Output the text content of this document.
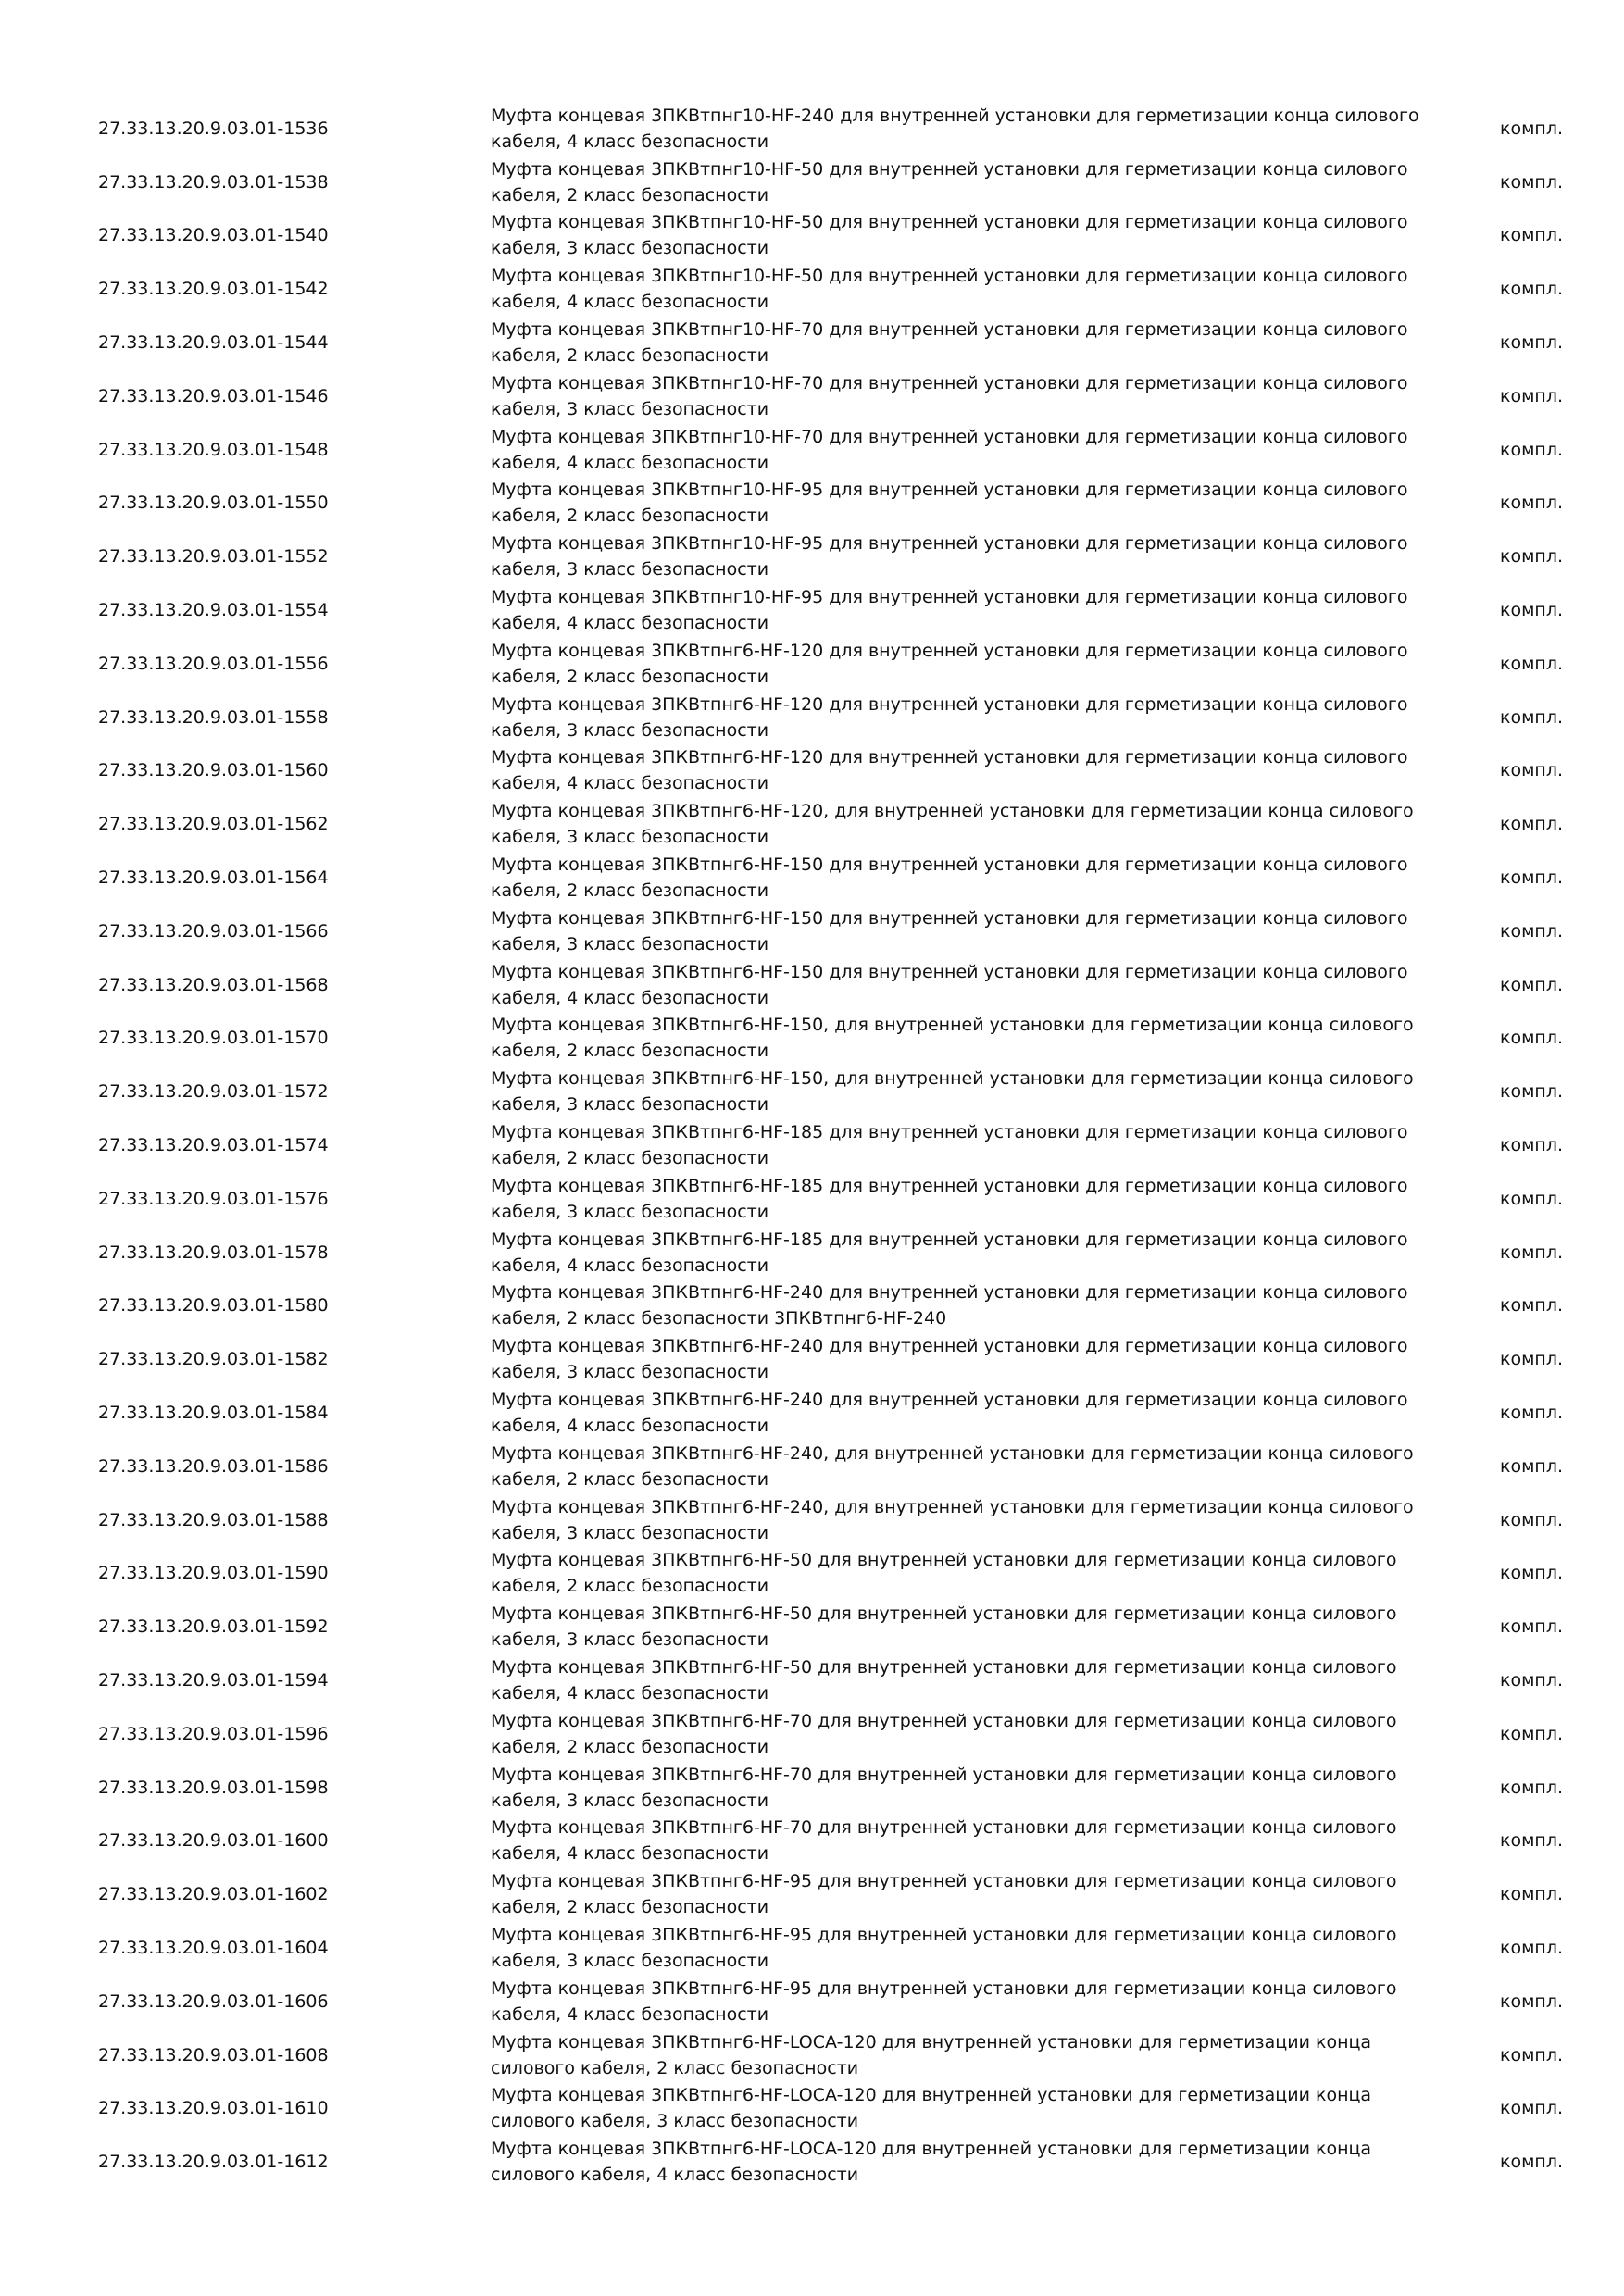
27.33.13.20.9.03.01-1536
Муфта концевая 3ПКВтпнг10-HF-240 для внутренней установки для герметизации конца силового кабеля, 4 класс безопасности
компл.
27.33.13.20.9.03.01-1538
Муфта концевая 3ПКВтпнг10-HF-50 для внутренней установки для герметизации конца силового кабеля, 2 класс безопасности
компл.
27.33.13.20.9.03.01-1540
Муфта концевая 3ПКВтпнг10-HF-50 для внутренней установки для герметизации конца силового кабеля, 3 класс безопасности
компл.
27.33.13.20.9.03.01-1542
Муфта концевая 3ПКВтпнг10-HF-50 для внутренней установки для герметизации конца силового кабеля, 4 класс безопасности
компл.
27.33.13.20.9.03.01-1544
Муфта концевая 3ПКВтпнг10-HF-70 для внутренней установки для герметизации конца силового кабеля, 2 класс безопасности
компл.
27.33.13.20.9.03.01-1546
Муфта концевая 3ПКВтпнг10-HF-70 для внутренней установки для герметизации конца силового кабеля, 3 класс безопасности
компл.
27.33.13.20.9.03.01-1548
Муфта концевая 3ПКВтпнг10-HF-70 для внутренней установки для герметизации конца силового кабеля, 4 класс безопасности
компл.
27.33.13.20.9.03.01-1550
Муфта концевая 3ПКВтпнг10-HF-95 для внутренней установки для герметизации конца силового кабеля, 2 класс безопасности
компл.
27.33.13.20.9.03.01-1552
Муфта концевая 3ПКВтпнг10-HF-95 для внутренней установки для герметизации конца силового кабеля, 3 класс безопасности
компл.
27.33.13.20.9.03.01-1554
Муфта концевая 3ПКВтпнг10-HF-95 для внутренней установки для герметизации конца силового кабеля, 4 класс безопасности
компл.
27.33.13.20.9.03.01-1556
Муфта концевая 3ПКВтпнг6-HF-120 для внутренней установки для герметизации конца силового кабеля, 2 класс безопасности
компл.
27.33.13.20.9.03.01-1558
Муфта концевая 3ПКВтпнг6-HF-120 для внутренней установки для герметизации конца силового кабеля, 3 класс безопасности
компл.
27.33.13.20.9.03.01-1560
Муфта концевая 3ПКВтпнг6-HF-120 для внутренней установки для герметизации конца силового кабеля, 4 класс безопасности
компл.
27.33.13.20.9.03.01-1562
Муфта концевая 3ПКВтпнг6-HF-120, для внутренней установки для герметизации конца силового кабеля, 3 класс безопасности
компл.
27.33.13.20.9.03.01-1564
Муфта концевая 3ПКВтпнг6-HF-150 для внутренней установки для герметизации конца силового кабеля, 2 класс безопасности
компл.
27.33.13.20.9.03.01-1566
Муфта концевая 3ПКВтпнг6-HF-150 для внутренней установки для герметизации конца силового кабеля, 3 класс безопасности
компл.
27.33.13.20.9.03.01-1568
Муфта концевая 3ПКВтпнг6-HF-150 для внутренней установки для герметизации конца силового кабеля, 4 класс безопасности
компл.
27.33.13.20.9.03.01-1570
Муфта концевая 3ПКВтпнг6-HF-150, для внутренней установки для герметизации конца силового кабеля, 2 класс безопасности
компл.
27.33.13.20.9.03.01-1572
Муфта концевая 3ПКВтпнг6-HF-150, для внутренней установки для герметизации конца силового кабеля, 3 класс безопасности
компл.
27.33.13.20.9.03.01-1574
Муфта концевая 3ПКВтпнг6-HF-185 для внутренней установки для герметизации конца силового кабеля, 2 класс безопасности
компл.
27.33.13.20.9.03.01-1576
Муфта концевая 3ПКВтпнг6-HF-185 для внутренней установки для герметизации конца силового кабеля, 3 класс безопасности
компл.
27.33.13.20.9.03.01-1578
Муфта концевая 3ПКВтпнг6-HF-185 для внутренней установки для герметизации конца силового кабеля, 4 класс безопасности
компл.
27.33.13.20.9.03.01-1580
Муфта концевая 3ПКВтпнг6-HF-240 для внутренней установки для герметизации конца силового кабеля, 2 класс безопасности 3ПКВтпнг6-HF-240
компл.
27.33.13.20.9.03.01-1582
Муфта концевая 3ПКВтпнг6-HF-240 для внутренней установки для герметизации конца силового кабеля, 3 класс безопасности
компл.
27.33.13.20.9.03.01-1584
Муфта концевая 3ПКВтпнг6-HF-240 для внутренней установки для герметизации конца силового кабеля, 4 класс безопасности
компл.
27.33.13.20.9.03.01-1586
Муфта концевая 3ПКВтпнг6-HF-240, для внутренней установки для герметизации конца силового кабеля, 2 класс безопасности
компл.
27.33.13.20.9.03.01-1588
Муфта концевая 3ПКВтпнг6-HF-240, для внутренней установки для герметизации конца силового кабеля, 3 класс безопасности
компл.
27.33.13.20.9.03.01-1590
Муфта концевая 3ПКВтпнг6-HF-50 для внутренней установки для герметизации конца силового кабеля, 2 класс безопасности
компл.
27.33.13.20.9.03.01-1592
Муфта концевая 3ПКВтпнг6-HF-50 для внутренней установки для герметизации конца силового кабеля, 3 класс безопасности
компл.
27.33.13.20.9.03.01-1594
Муфта концевая 3ПКВтпнг6-HF-50 для внутренней установки для герметизации конца силового кабеля, 4 класс безопасности
компл.
27.33.13.20.9.03.01-1596
Муфта концевая 3ПКВтпнг6-HF-70 для внутренней установки для герметизации конца силового кабеля, 2 класс безопасности
компл.
27.33.13.20.9.03.01-1598
Муфта концевая 3ПКВтпнг6-HF-70 для внутренней установки для герметизации конца силового кабеля, 3 класс безопасности
компл.
27.33.13.20.9.03.01-1600
Муфта концевая 3ПКВтпнг6-HF-70 для внутренней установки для герметизации конца силового кабеля, 4 класс безопасности
компл.
27.33.13.20.9.03.01-1602
Муфта концевая 3ПКВтпнг6-HF-95 для внутренней установки для герметизации конца силового кабеля, 2 класс безопасности
компл.
27.33.13.20.9.03.01-1604
Муфта концевая 3ПКВтпнг6-HF-95 для внутренней установки для герметизации конца силового кабеля, 3 класс безопасности
компл.
27.33.13.20.9.03.01-1606
Муфта концевая 3ПКВтпнг6-HF-95 для внутренней установки для герметизации конца силового кабеля, 4 класс безопасности
компл.
27.33.13.20.9.03.01-1608
Муфта концевая 3ПКВтпнг6-HF-LOCA-120 для внутренней установки для герметизации конца силового кабеля, 2 класс безопасности
компл.
27.33.13.20.9.03.01-1610
Муфта концевая 3ПКВтпнг6-HF-LOCA-120 для внутренней установки для герметизации конца силового кабеля, 3 класс безопасности
компл.
27.33.13.20.9.03.01-1612
Муфта концевая 3ПКВтпнг6-HF-LOCA-120 для внутренней установки для герметизации конца силового кабеля, 4 класс безопасности
компл.
